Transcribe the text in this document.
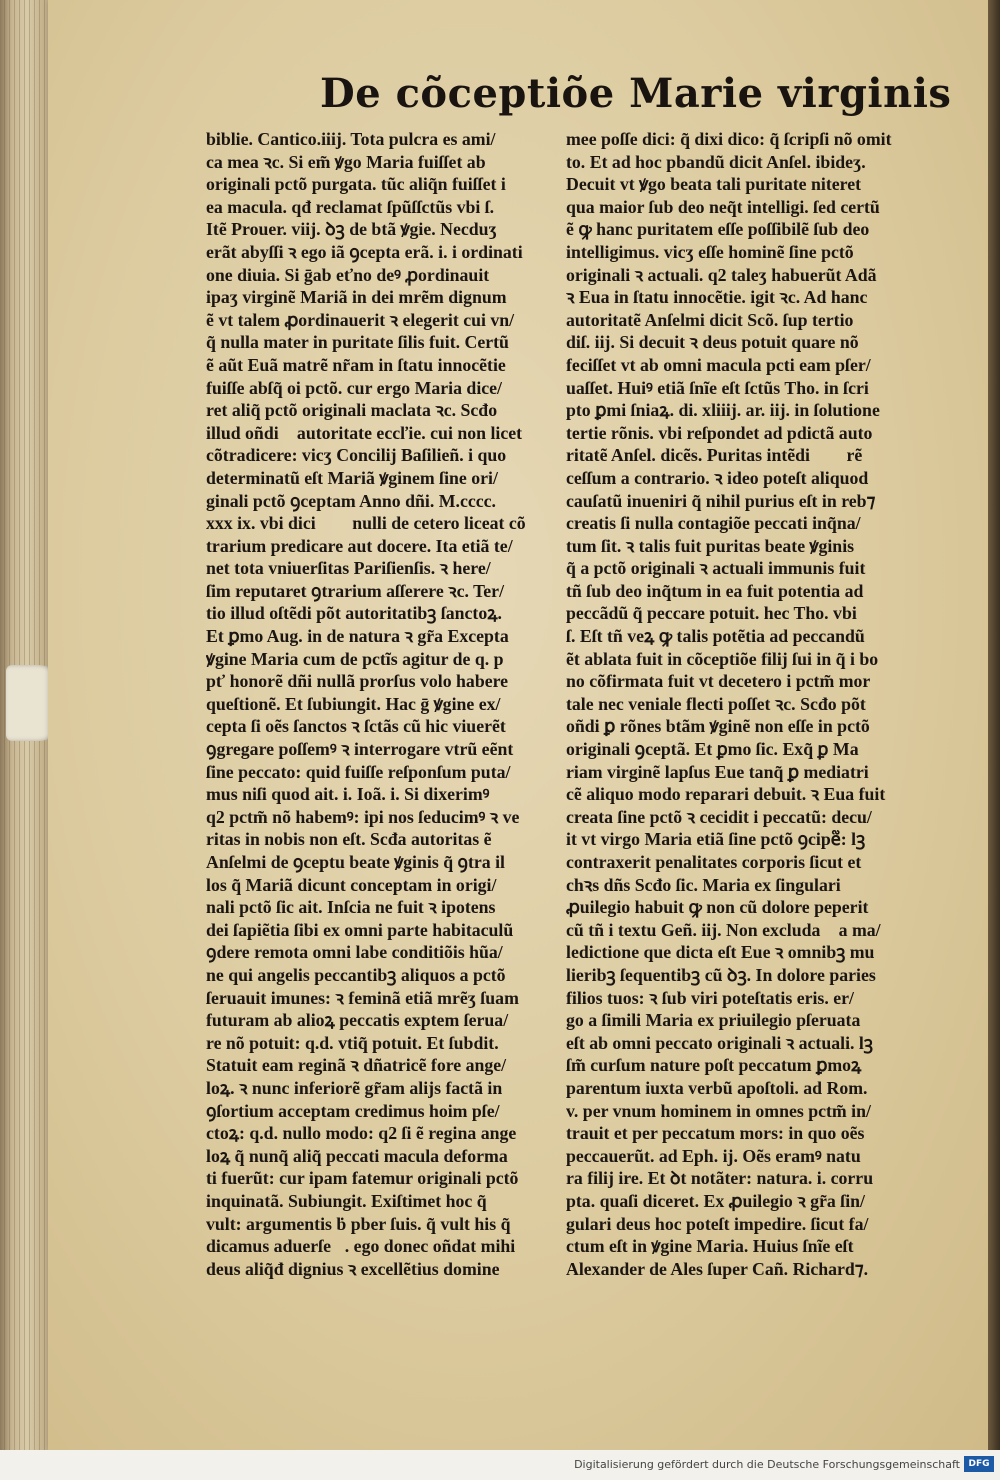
De cõceptiõe Marie virginis
biblie. Cantico.iiij. Tota pulcra es ami/
ca mea ꝛc. Si em̃ ꝟgo Maria fuiſſet ab
originali pctõ purgata. tũc aliq̃n fuiſſet i
ea macula. qđ reclamat ſpũſſctũs vbi ſ.
Itẽ Prouer. viij. ꝺꝫ de btã ꝟgie. Necduʒ
erãt abyſſi ꝛ ego iã ꝯcepta erã. i. i ordinati
one diuia. Si ḡab eťno deꝰ ꝓordinauit
ipaʒ virginẽ Mariã in dei mrẽm dignum
ẽ vt talem ꝓordinauerit ꝛ elegerit cui vn/
q̃ nulla mater in puritate ſilis fuit. Certũ
ẽ aũt Euã matrẽ nr̃am in ſtatu innocẽtie
fuiſſe abſq̃ oi pctõ. cur ergo Maria dice/
ret aliq̃ pctõ originali maclata ꝛc. Scđo
illud oñdi᷑ autoritate eccľie. cui non licet
cõtradicere: vicʒ Concilij Baſilieñ. i quo
determinatũ eſt Mariã ꝟginem ſine ori/
ginali pctõ ꝯceptam Anno dñi. M.cccc.
xxx ix. vbi dici᷑ ꝙ nulli de cetero liceat cõ
trarium predicare aut docere. Ita etiã te/
net tota vniuerſitas Pariſienſis. ꝛ here/
ſim reputaret ꝯtrarium aſſerere ꝛc. Ter/
tio illud oſtẽdi põt autoritatibꝫ ſanctoꝝ.
Et ꝑmo Aug. in de natura ꝛ gr̃a Excepta
ꝟgine Maria cum de pctĩs agitur de q. p
pť honorẽ dñi nullã prorſus volo habere
queſtionẽ. Et ſubiungit. Hac ḡ ꝟgine ex/
cepta ſi oẽs ſanctos ꝛ ſctãs cũ hic viuerẽt
ꝯgregare poſſemꝰ ꝛ interrogare vtrũ eẽnt
ſine peccato: quid fuiſſe reſponſum puta/
mus niſi quod ait. i. Ioã. i. Si dixerimꝰ
q2 pctm̃ nõ habemꝰ: ipi nos ſeducimꝰ ꝛ ve
ritas in nobis non eſt. Scđa autoritas ẽ
Anſelmi de ꝯceptu beate ꝟginis q̃ ꝯtra il
los q̃ Mariã dicunt conceptam in origi/
nali pctõ ſic ait. Inſcia ne fuit ꝛ ipotens
dei ſapiẽtia ſibi ex omni parte habitaculũ
ꝯdere remota omni labe conditiõis hũa/
ne qui angelis peccantibꝫ aliquos a pctõ
ſeruauit imunes: ꝛ feminã etiã mrẽʒ ſuam
futuram ab alioꝝ peccatis exptem ſerua/
re nõ potuit: q.d. vtiq̃ potuit. Et ſubdit.
Statuit eam reginã ꝛ dñatricẽ fore ange/
loꝝ. ꝛ nunc inferiorẽ gr̃am alijs factã in
ꝯſortium acceptam credimus hoim pſe/
ctoꝝ: q.d. nullo modo: q2 ſi ẽ regina ange
loꝝ q̃ nunq̃ aliq̃ peccati macula deforma
ti fuerũt: cur ipam fatemur originali pctõ
inquinatã. Subiungit. Exiſtimet hoc q̃
vult: argumentis ḃ pber ſuis. q̃ vult his q̃
dicamus aduerſe᷑. ego donec oñdat mihi
deus aliq̃đ dignius ꝛ excellẽtius domine
mee poſſe dici: q̃ dixi dico: q̃ ſcripſi nõ omit
to. Et ad hoc pbandũ dicit Anſel. ibideʒ.
Decuit vt ꝟgo beata tali puritate niteret
qua maior ſub deo neq̃t intelligi. ſed certũ
ẽ ꝙ hanc puritatem eſſe poſſibilẽ ſub deo
intelligimus. vicʒ eſſe hominẽ ſine pctõ
originali ꝛ actuali. q2 taleʒ habuerũt Adã
ꝛ Eua in ſtatu innocẽtie. igit ꝛc. Ad hanc
autoritatẽ Anſelmi dicit Scõ. ſup tertio
diſ. iij. Si decuit ꝛ deus potuit quare nõ
feciſſet vt ab omni macula pcti eam pſer/
uaſſet. Huiꝰ etiã ſnĩe eſt ſctũs Tho. in ſcri
pto ꝑmi ſniaꝝ. di. xliiij. ar. iij. in ſolutione
tertie rõnis. vbi reſpondet ad pdictã auto
ritatẽ Anſel. dicẽs. Puritas intẽdi᷑ ꝑ rẽ
ceſſum a contrario. ꝛ ideo poteſt aliquod
cauſatũ inueniri q̃ nihil purius eſt in reb⁊
creatis ſi nulla contagiõe peccati inq̃na/
tum ſit. ꝛ talis fuit puritas beate ꝟginis
q̃ a pctõ originali ꝛ actuali immunis fuit
tñ ſub deo inq̃tum in ea fuit potentia ad
peccãdũ q̃ peccare potuit. hec Tho. vbi
ſ. Eſt tñ veꝝ ꝙ talis potẽtia ad peccandũ
ẽt ablata fuit in cõceptiõe filij ſui in q̃ i bo
no cõfirmata fuit vt decetero i pctm̃ mor
tale nec veniale flecti poſſet ꝛc. Scđo põt
oñdi ꝑ rõnes btãm ꝟginẽ non eſſe in pctõ
originali ꝯceptã. Et ꝑmo ſic. Exq̃ ꝑ Ma
riam virginẽ lapſus Eue tanq̃ ꝑ mediatri
cẽ aliquo modo reparari debuit. ꝛ Eua fuit
creata ſine pctõ ꝛ cecidit i peccatũ: decu/
it vt virgo Maria etiã ſine pctõ ꝯcipe᷑: lꝫ
contraxerit penalitates corporis ſicut et
chꝛs dñs Scđo ſic. Maria ex ſingulari
ꝓuilegio habuit ꝙ non cũ dolore peperit
cũ tñ i textu Geñ. iij. Non excluda᷑ a ma/
ledictione que dicta eſt Eue ꝛ omnibꝫ mu
lieribꝫ ſequentibꝫ cũ ꝺꝫ. In dolore paries
filios tuos: ꝛ ſub viri poteſtatis eris. er/
go a ſimili Maria ex priuilegio pſeruata
eſt ab omni peccato originali ꝛ actuali. lꝫ
ſm̃ curſum nature poſt peccatum ꝑmoꝝ
parentum iuxta verbũ apoſtoli. ad Rom.
v. per vnum hominem in omnes pctm̃ in/
trauit et per peccatum mors: in quo oẽs
peccauerũt. ad Eph. ij. Oẽs eramꝰ natu
ra filij ire. Et ꝺt notãter: natura. i. corru
pta. quaſi diceret. Ex ꝓuilegio ꝛ gr̃a ſin/
gulari deus hoc poteſt impedire. ſicut fa/
ctum eſt in ꝟgine Maria. Huius ſnĩe eſt
Alexander de Ales ſuper Cañ. Richard⁊.
Digitalisierung gefördert durch die Deutsche Forschungsgemeinschaft DFG
